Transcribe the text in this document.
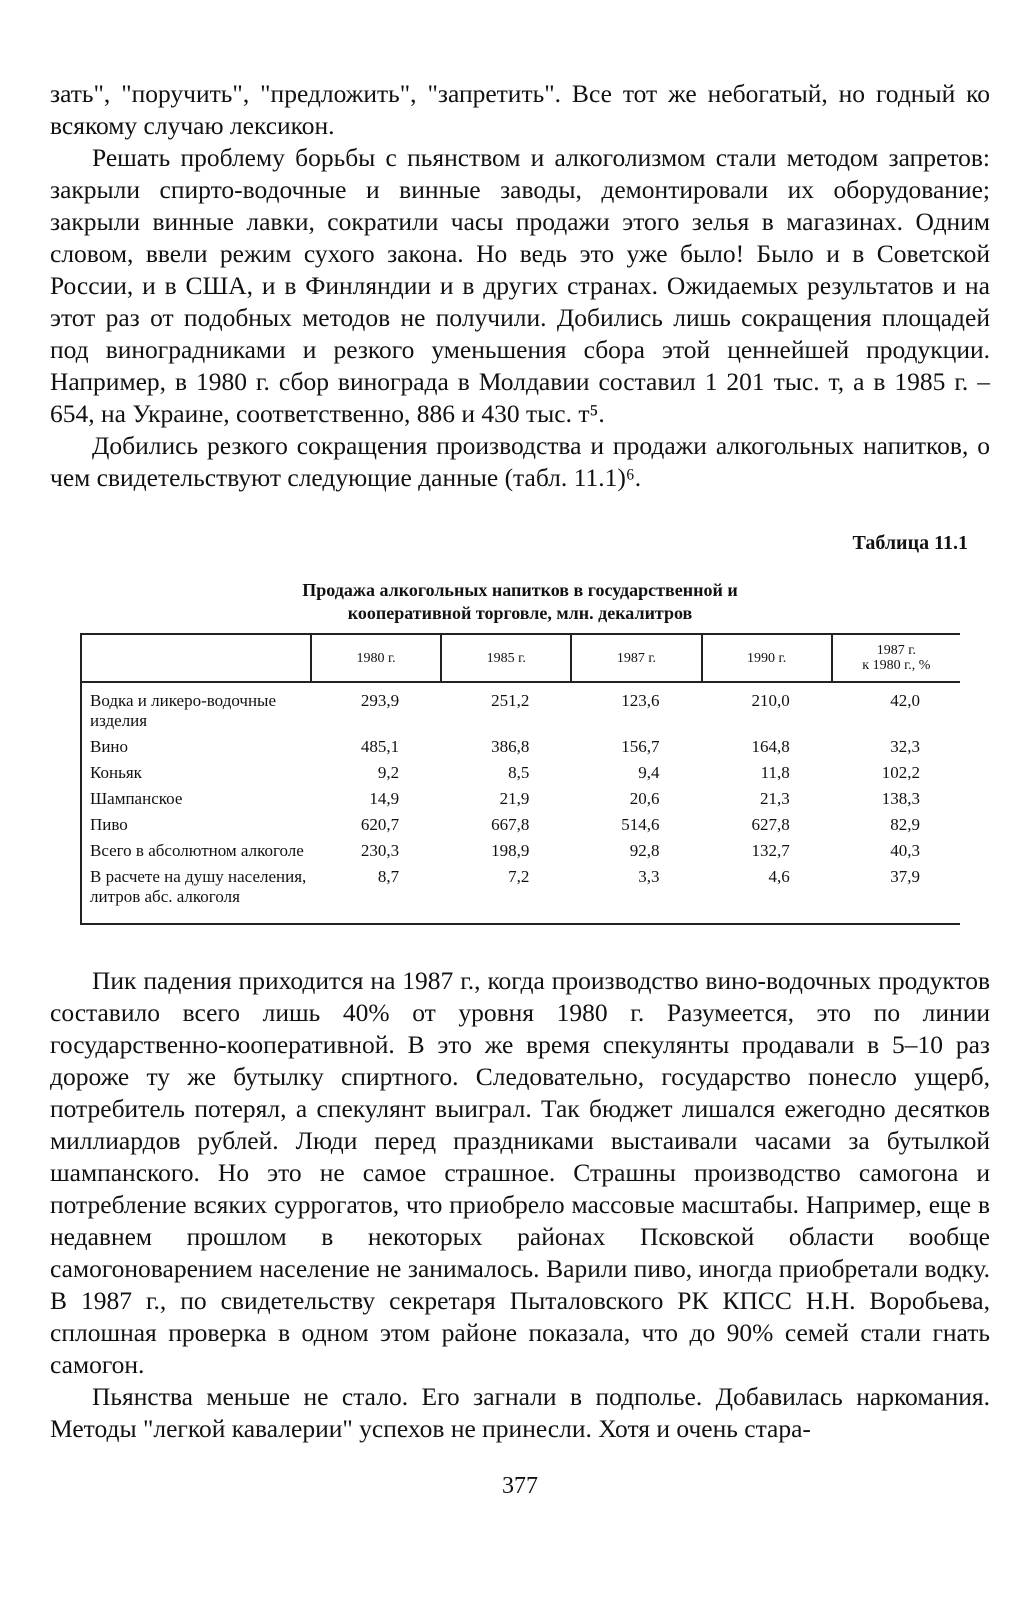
зать", "поручить", "предложить", "запретить". Все тот же небогатый, но годный ко всякому случаю лексикон.

Решать проблему борьбы с пьянством и алкоголизмом стали методом запретов: закрыли спирто-водочные и винные заводы, демонтировали их оборудование; закрыли винные лавки, сократили часы продажи этого зелья в магазинах. Одним словом, ввели режим сухого закона. Но ведь это уже было! Было и в Советской России, и в США, и в Финляндии и в других странах. Ожидаемых результатов и на этот раз от подобных методов не получили. Добились лишь сокращения площадей под виноградниками и резкого уменьшения сбора этой ценнейшей продукции. Например, в 1980 г. сбор винограда в Молдавии составил 1 201 тыс. т, а в 1985 г. – 654, на Украине, соответственно, 886 и 430 тыс. т⁵.

Добились резкого сокращения производства и продажи алкогольных напитков, о чем свидетельствуют следующие данные (табл. 11.1)⁶.

Таблица 11.1
Продажа алкогольных напитков в государственной и
кооперативной торговле, млн. декалитров
	1980 г.	1985 г.	1987 г.	1990 г.	1987 г.
к 1980 г., %

Водка и ликеро-водочные изделия	293,9	251,2	123,6	210,0	42,0
Вино	485,1	386,8	156,7	164,8	32,3
Коньяк	9,2	8,5	9,4	11,8	102,2
Шампанское	14,9	21,9	20,6	21,3	138,3
Пиво	620,7	667,8	514,6	627,8	82,9
Всего в абсолютном алкоголе	230,3	198,9	92,8	132,7	40,3
В расчете на душу населения, литров абс. алкоголя	8,7	7,2	3,3	4,6	37,9

Пик падения приходится на 1987 г., когда производство вино-водочных продуктов составило всего лишь 40% от уровня 1980 г. Разумеется, это по линии государственно-кооперативной. В это же время спекулянты продавали в 5–10 раз дороже ту же бутылку спиртного. Следовательно, государство понесло ущерб, потребитель потерял, а спекулянт выиграл. Так бюджет лишался ежегодно десятков миллиардов рублей. Люди перед праздниками выстаивали часами за бутылкой шампанского. Но это не самое страшное. Страшны производство самогона и потребление всяких суррогатов, что приобрело массовые масштабы. Например, еще в недавнем прошлом в некоторых районах Псковской области вообще самогоноварением население не занималось. Варили пиво, иногда приобретали водку. В 1987 г., по свидетельству секретаря Пыталовского РК КПСС Н.Н. Воробьева, сплошная проверка в одном этом районе показала, что до 90% семей стали гнать самогон.

Пьянства меньше не стало. Его загнали в подполье. Добавилась наркомания. Методы "легкой кавалерии" успехов не принесли. Хотя и очень стара-

377
